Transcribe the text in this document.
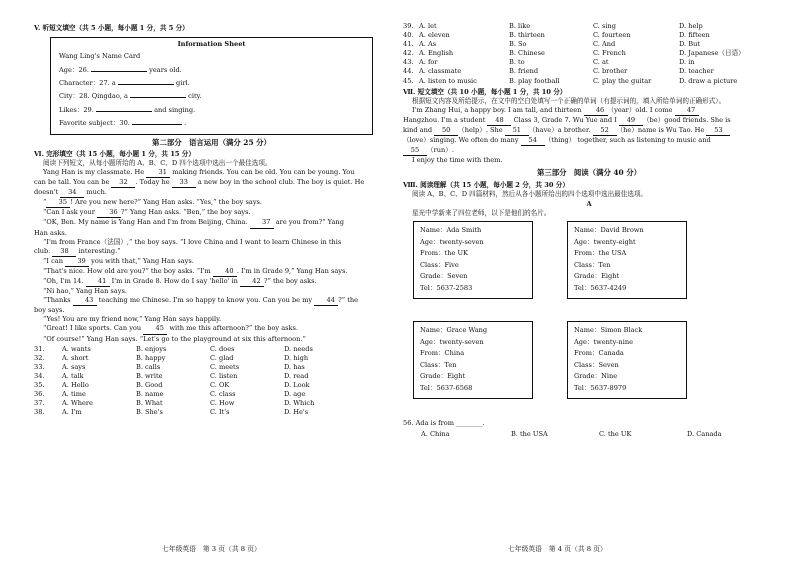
V. 听短文填空（共 5 小题，每小题 1 分，共 5 分）

Information Sheet

Wang Ling's Name Card

Age：26.	years old.

Character：27. a	girl.

City：28. Qingdao, a	city.

Likes：29.	and singing.

Favorite subject：30.	.

第二部分　语言运用（满分 25 分）

Ⅵ. 完形填空（共 15 小题，每小题 1 分，共 15 分）

阅读下列短文，从每小题所给的 A、B、C、D 四个选项中选出一个最佳选项。

Yang Han is my classmate. He 31 making friends. You can be old. You can be young. You

can be tall. You can be 32 . Today he 33 a new boy in the school club. The boy is quiet. He

doesn't 34 much.

“ 35 ! Are you new here?” Yang Han asks. “Yes,” the boy says.

“Can I ask your 36 ?” Yang Han asks. “Ben,” the boy says.

“OK, Ben. My name is Yang Han and I'm from Beijing, China. 37 are you from?” Yang

Han asks.

“I'm from France（法国）,” the boy says. “I love China and I want to learn Chinese in this

club. 38 interesting.”

“I can 39 you with that,” Yang Han says.

“That's nice. How old are you?” the boy asks. “I'm 40 . I'm in Grade 9,” Yang Han says.

“Oh, I'm 14. 41 I'm in Grade 8. How do I say 'hello' in 42 ?” the boy asks.

“Ni hao,” Yang Han says.

“Thanks 43 teaching me Chinese. I'm so happy to know you. Can you be my 44 ?” the

boy says.

“Yes! You are my friend now,” Yang Han says happily.

“Great! I like sports. Can you 45 with me this afternoon?” the boy asks.

“Of course!” Yang Han says. “Let's go to the playground at six this afternoon.”

31.	A. wants	B. enjoys	C. does	D. needs
32.	A. short	B. happy	C. glad	D. high
33.	A. says	B. calls	C. meets	D. has
34.	A. talk	B. write	C. listen	D. read
35.	A. Hello	B. Good	C. OK	D. Look
36.	A. time	B. name	C. class	D. age
37.	A. Where	B. What	C. How	D. Which
38.	A. I'm	B. She's	C. It's	D. He's

七年级英语　第 3 页（共 8 页）

39. A. let	B. like	C. sing	D. help
40. A. eleven	B. thirteen	C. fourteen	D. fifteen
41. A. As	B. So	C. And	D. But
42. A. English	B. Chinese	C. French	D. Japanese（日语）
43. A. for	B. to	C. at	D. in
44. A. classmate	B. friend	C. brother	D. teacher
45. A. listen to music	B. play football	C. play the guitar	D. draw a picture

Ⅶ. 短文填空（共 10 小题，每小题 1 分，共 10 分）

根据短文内容及所给提示，在文中的空白处填写一个正确的单词（有提示词的，填入所给单词的正确形式）。

I'm Zhang Hui, a happy boy. I am tall, and thirteen 46 （year）old. I come 47

Hangzhou. I'm a student 48 Class 3, Grade 7. Wu Yue and I 49 （be）good friends. She is

kind and 50 （help）. She 51 （have）a brother. 52 （he）name is Wu Tao. He 53

（love）singing. We often do many 54 （thing） together, such as listening to music and

55 （run）.

I enjoy the time with them.

第三部分　阅读（满分 40 分）

Ⅷ. 阅读理解（共 15 小题，每小题 2 分，共 30 分）

阅读 A、B、C、D 四篇材料，然后从各小题所给出的四个选项中选出最佳选项。

A

星光中学新来了四位老师，以下是他们的名片。

Name：Ada Smith

Age：twenty-seven

From：the UK

Class：Five

Grade：Seven

Tel：5637-2583

Name：David Brown

Age：twenty-eight

From：the USA

Class：Ten

Grade：Eight

Tel：5637-4249

Name：Grace Wang

Age：twenty-seven

From：China

Class：Ten

Grade：Eight

Tel：5637-6568

Name：Simon Black

Age：twenty-nine

From：Canada

Class：Seven

Grade：Nine

Tel：5637-8979

56. Ada is from ________.

A. China	B. the USA	C. the UK	D. Canada

七年级英语　第 4 页（共 8 页）
